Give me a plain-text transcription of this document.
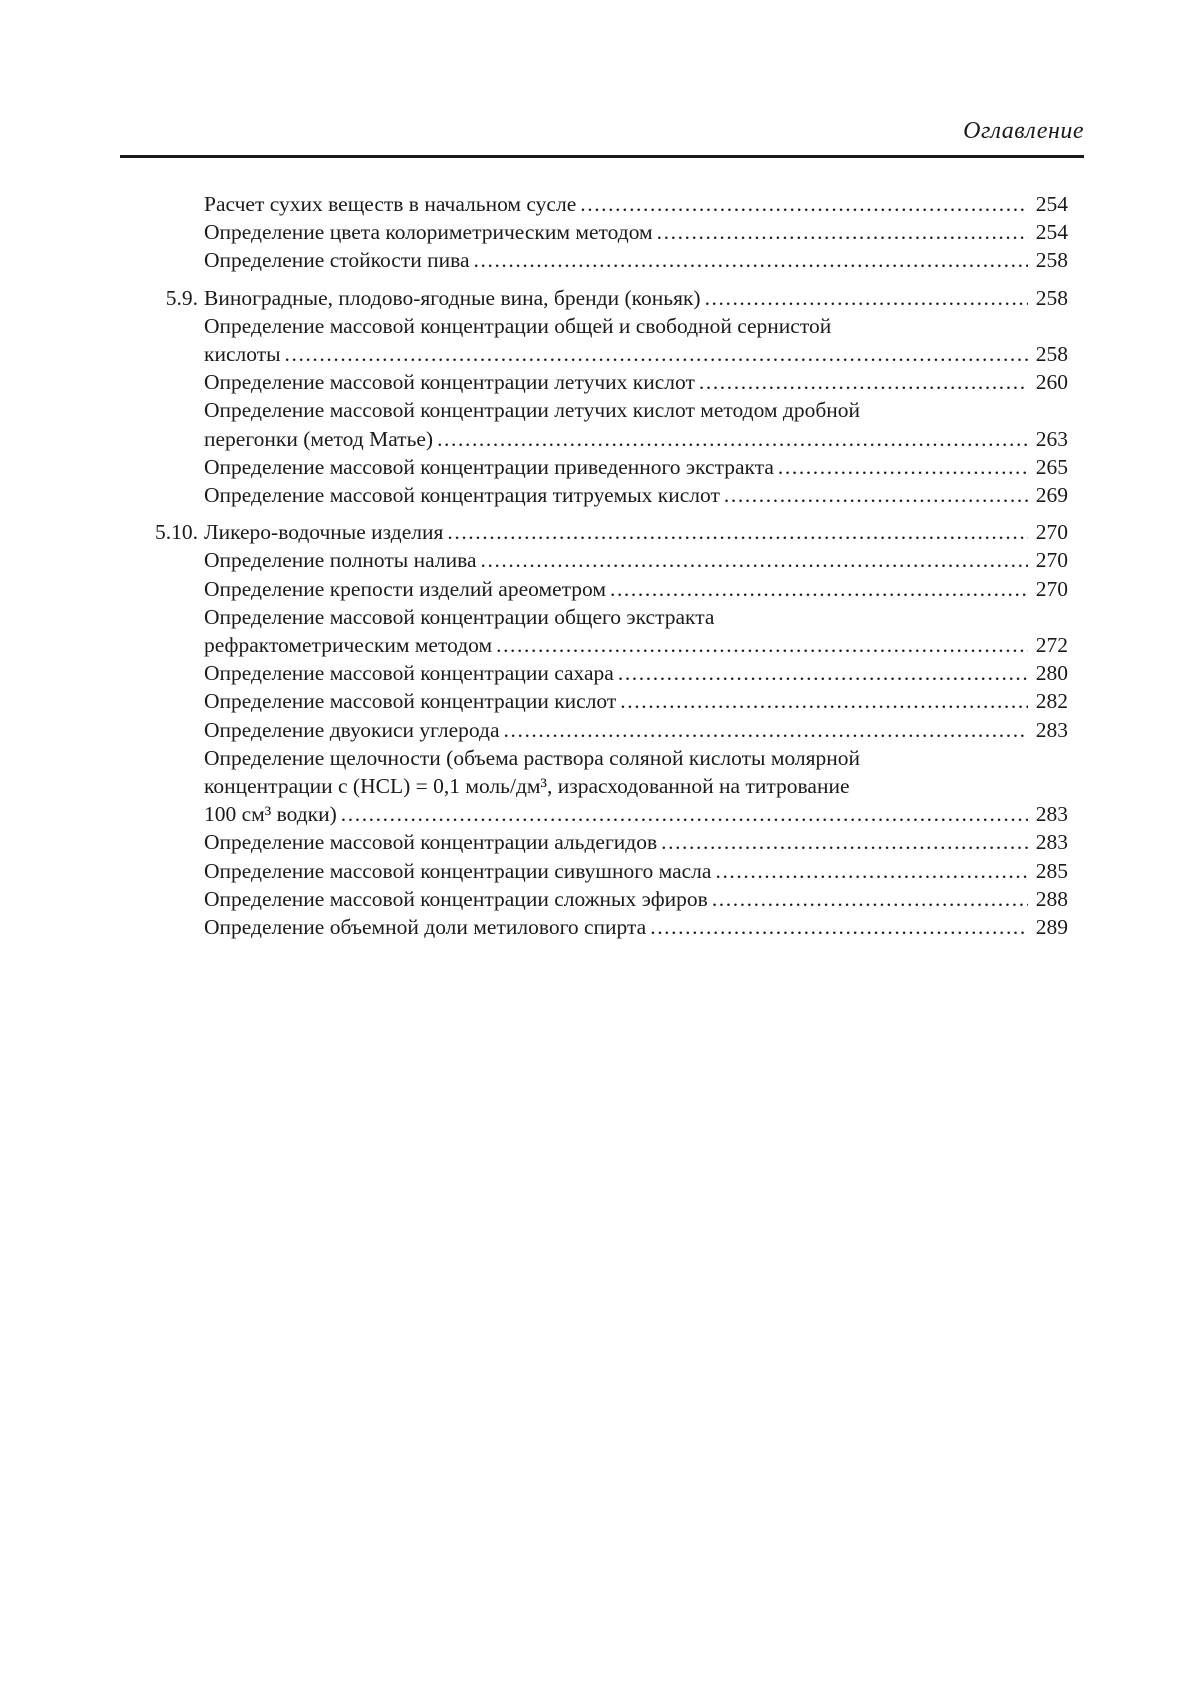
Оглавление
Расчет сухих веществ в начальном сусле .....	254
Определение цвета колориметрическим методом .....	254
Определение стойкости пива .....	258
5.9. Виноградные, плодово-ягодные вина, бренди (коньяк) .....	258
Определение массовой концентрации общей и свободной сернистой
кислоты .....	258
Определение массовой концентрации летучих кислот .....	260
Определение массовой концентрации летучих кислот методом дробной
перегонки (метод Матье) .....	263
Определение массовой концентрации приведенного экстракта .....	265
Определение массовой концентрация титруемых кислот .....	269
5.10. Ликеро-водочные изделия .....	270
Определение полноты налива .....	270
Определение крепости изделий ареометром .....	270
Определение массовой концентрации общего экстракта
рефрактометрическим методом .....	272
Определение массовой концентрации сахара .....	280
Определение массовой концентрации кислот .....	282
Определение двуокиси углерода .....	283
Определение щелочности (объема раствора соляной кислоты молярной
концентрации c (HCL) = 0,1 моль/дм³, израсходованной на титрование
100 см³ водки) .....	283
Определение массовой концентрации альдегидов .....	283
Определение массовой концентрации сивушного масла .....	285
Определение массовой концентрации сложных эфиров .....	288
Определение объемной доли метилового спирта .....	289
